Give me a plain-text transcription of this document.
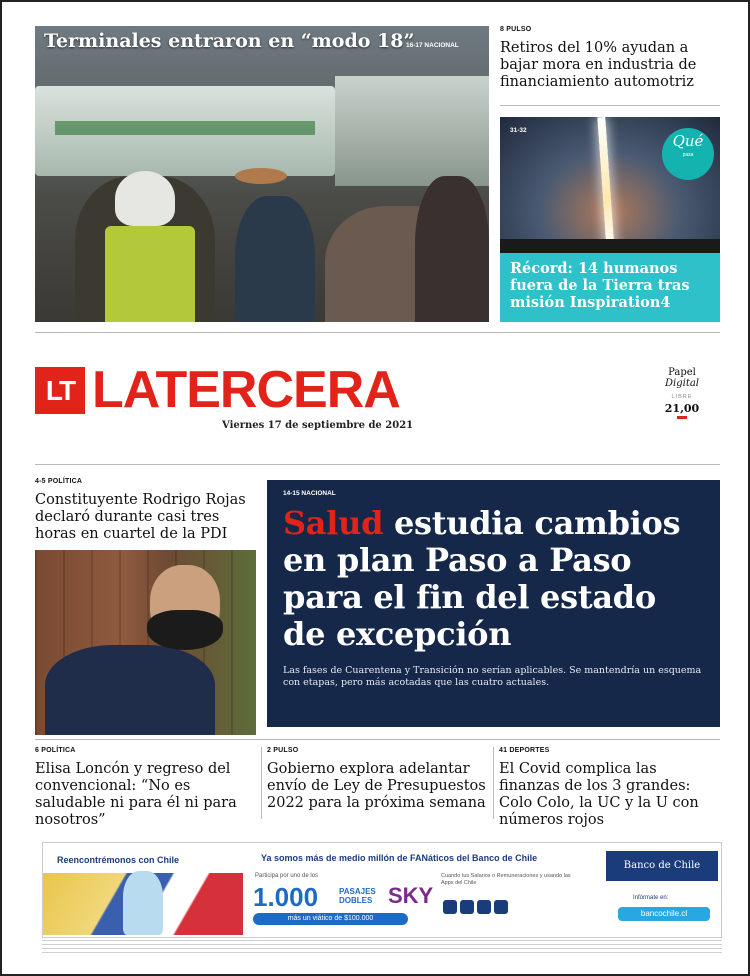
Terminales entraron en “modo 18”
16-17 NACIONAL
8 PULSO
Retiros del 10% ayudan a bajar mora en industria de financiamiento automotriz
31-32
Qué
pasa
Récord: 14 humanos fuera de la Tierra tras misión Inspiration4
LT LATERCERA
Viernes 17 de septiembre de 2021
Papel
Digital
LIBRE
21,00
4-5 POLÍTICA
Constituyente Rodrigo Rojas declaró durante casi tres horas en cuartel de la PDI
14-15 NACIONAL
Salud estudia cambios en plan Paso a Paso para el fin del estado de excepción
Las fases de Cuarentena y Transición no serían aplicables. Se mantendría un esquema con etapas, pero más acotadas que las cuatro actuales.
6 POLÍTICA
Elisa Loncón y regreso del convencional: “No es saludable ni para él ni para nosotros”
2 PULSO
Gobierno explora adelantar envío de Ley de Presupuestos 2022 para la próxima semana
41 DEPORTES
El Covid complica las finanzas de los 3 grandes: Colo Colo, la UC y la U con números rojos
Reencontrémonos con Chile	Ya somos más de medio millón de FANáticos del Banco de Chile
Participa por uno de los
1.000	PASAJES DOBLES SKY
más un viático de $100.000
Cuando tus Salarios o Remuneraciones y usando las Apps del Chile
Banco de Chile
Infórmate en:
bancochile.cl
